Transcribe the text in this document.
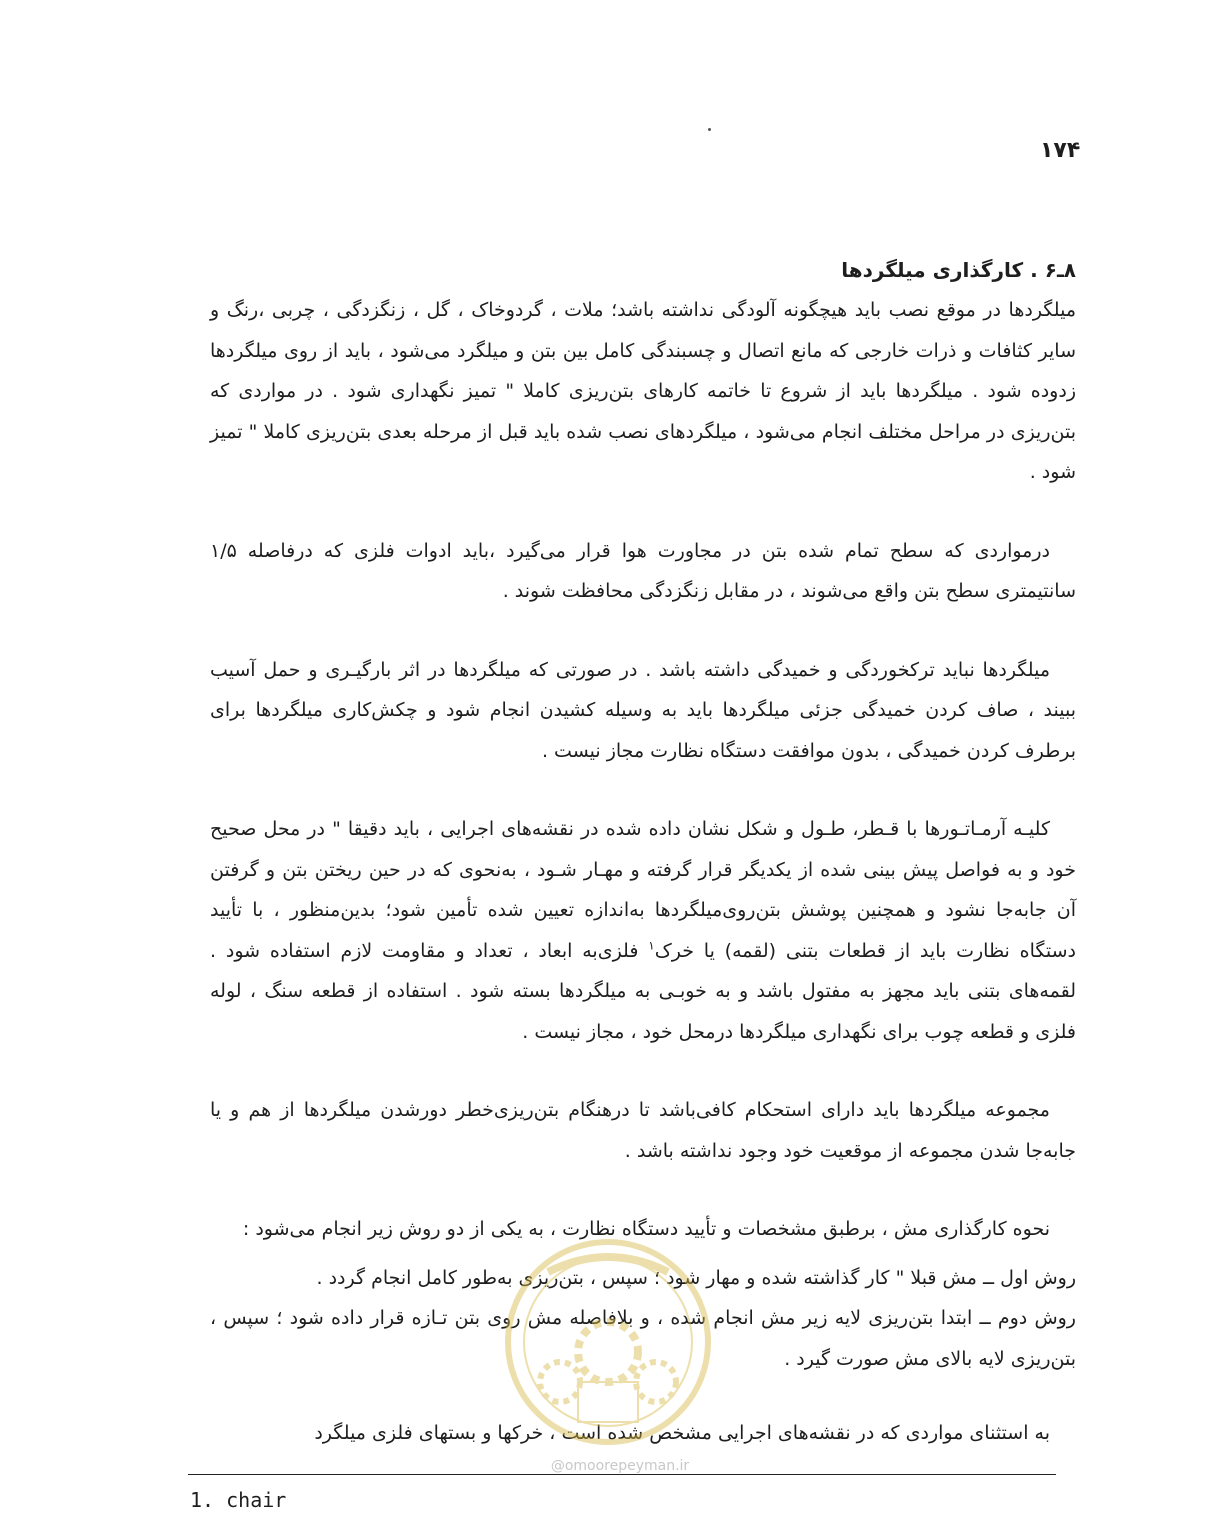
۱۷۴
۸ـ۶ . کارگذاری میلگردها

میلگردها در موقع نصب باید هیچگونه آلودگی نداشته باشد؛ ملات ، گردوخاک ، گل ، زنگزدگی ، چربی ،رنگ و سایر کثافات و ذرات خارجی که مانع اتصال و چسبندگی کامل بین بتن و میلگرد می‌شود ، باید از روی میلگردها زدوده شود . میلگردها باید از شروع تا خاتمه کارهای بتن‌ریزی کاملا " تمیز نگهداری شود . در مواردی که بتن‌ریزی در مراحل مختلف انجام می‌شود ، میلگردهای نصب شده باید قبل از مرحله بعدی بتن‌ریزی کاملا " تمیز شود .

درمواردی که سطح تمام شده بتن در مجاورت هوا قرار می‌گیرد ،باید ادوات فلزی که درفاصله ۱/۵ سانتیمتری سطح بتن واقع می‌شوند ، در مقابل زنگزدگی محافظت شوند .

میلگردها نباید ترکخوردگی و خمیدگی داشته باشد . در صورتی که میلگردها در اثر بارگیـری و حمل آسیب ببیند ، صاف کردن خمیدگی جزئی میلگردها باید به وسیله کشیدن انجام شود و چکش‌کاری میلگردها برای برطرف کردن خمیدگی ، بدون موافقت دستگاه نظارت مجاز نیست .

کلیـه آرمـاتـورها با قـطر، طـول و شکل نشان داده شده در نقشه‌های اجرایی ، باید دقیقا " در محل صحیح خود و به فواصل پیش بینی شده از یکدیگر قرار گرفته و مهـار شـود ، به‌نحوی که در حین ریختن بتن و گرفتن آن جابه‌جا نشود و همچنین پوشش بتن‌روی‌میلگردها به‌اندازه تعیین شده تأمین شود؛ بدین‌منظور ، با تأیید دستگاه نظارت باید از قطعات بتنی (لقمه) یا خرک$^۱$ فلزی‌به ابعاد ، تعداد و مقاومت لازم استفاده شود . لقمه‌های بتنی باید مجهز به مفتول باشد و به خوبـی به میلگردها بسته شود . استفاده از قطعه سنگ ، لوله فلزی و قطعه چوب برای نگهداری میلگردها درمحل خود ، مجاز نیست .

مجموعه میلگردها باید دارای استحکام کافی‌باشد تا درهنگام بتن‌ریزی‌خطر دورشدن میلگردها از هم و یا جابه‌جا شدن مجموعه از موقعیت خود وجود نداشته باشد .

نحوه کارگذاری مش ، برطبق مشخصات و تأیید دستگاه نظارت ، به یکی از دو روش زیر انجام می‌شود :

روش اول ــ مش قبلا " کار گذاشته شده و مهار شود ؛ سپس ، بتن‌ریزی به‌طور کامل انجام گردد .

روش دوم ــ ابتدا بتن‌ریزی لایه زیر مش انجام شده ، و بلافاصله مش روی بتن تـازه قرار داده شود ؛ سپس ، بتن‌ریزی لایه بالای مش صورت گیرد .

به استثنای مواردی که در نقشه‌های اجرایی مشخص شده است ، خرکها و بستهای فلزی میلگرد

@omoorepeyman.ir
1. chair
